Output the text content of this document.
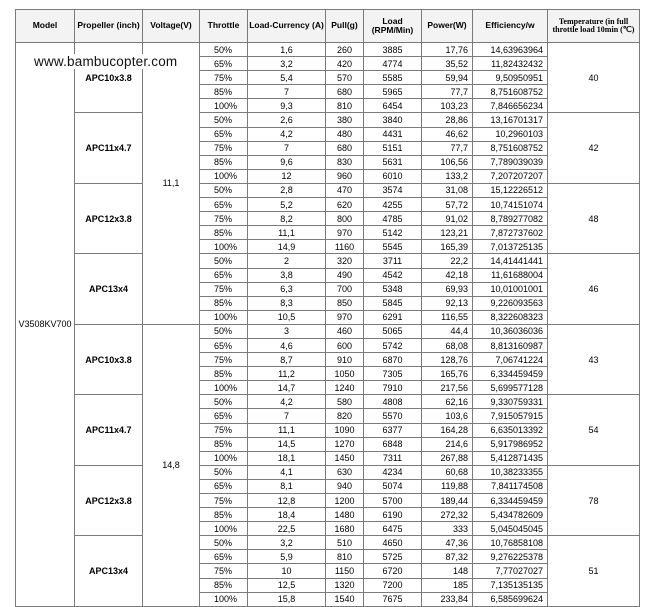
www.bambucopter.com
Model	Propeller (inch)	Voltage(V)	Throttle	Load-Currency (A)	Pull(g)	Load (RPM/Min)	Power(W)	Efficiency/w	Temperature (in full throttle load 10min (℃)
V3508KV700	APC10x3.8	11,1	50%	1,6	260	3885	17,76	14,63963964	40
			65%	3,2	420	4774	35,52	11,82432432	
			75%	5,4	570	5585	59,94	9,50950951	
			85%	7	680	5965	77,7	8,751608752	
			100%	9,3	810	6454	103,23	7,846656234	
	APC11x4.7		50%	2,6	380	3840	28,86	13,16701317	42
			65%	4,2	480	4431	46,62	10,2960103	
			75%	7	680	5151	77,7	8,751608752	
			85%	9,6	830	5631	106,56	7,789039039	
			100%	12	960	6010	133,2	7,207207207	
	APC12x3.8		50%	2,8	470	3574	31,08	15,12226512	48
			65%	5,2	620	4255	57,72	10,74151074	
			75%	8,2	800	4785	91,02	8,789277082	
			85%	11,1	970	5142	123,21	7,872737602	
			100%	14,9	1160	5545	165,39	7,013725135	
	APC13x4		50%	2	320	3711	22,2	14,41441441	46
			65%	3,8	490	4542	42,18	11,61688004	
			75%	6,3	700	5348	69,93	10,01001001	
			85%	8,3	850	5845	92,13	9,226093563	
			100%	10,5	970	6291	116,55	8,322608323	
	APC10x3.8	14,8	50%	3	460	5065	44,4	10,36036036	43
			65%	4,6	600	5742	68,08	8,813160987	
			75%	8,7	910	6870	128,76	7,06741224	
			85%	11,2	1050	7305	165,76	6,334459459	
			100%	14,7	1240	7910	217,56	5,699577128	
	APC11x4.7		50%	4,2	580	4808	62,16	9,330759331	54
			65%	7	820	5570	103,6	7,915057915	
			75%	11,1	1090	6377	164,28	6,635013392	
			85%	14,5	1270	6848	214,6	5,917986952	
			100%	18,1	1450	7311	267,88	5,412871435	
	APC12x3.8		50%	4,1	630	4234	60,68	10,38233355	78
			65%	8,1	940	5074	119,88	7,841174508	
			75%	12,8	1200	5700	189,44	6,334459459	
			85%	18,4	1480	6190	272,32	5,434782609	
			100%	22,5	1680	6475	333	5,045045045	
	APC13x4		50%	3,2	510	4650	47,36	10,76858108	51
			65%	5,9	810	5725	87,32	9,276225378	
			75%	10	1150	6720	148	7,77027027	
			85%	12,5	1320	7200	185	7,135135135	
			100%	15,8	1540	7675	233,84	6,585699624	
